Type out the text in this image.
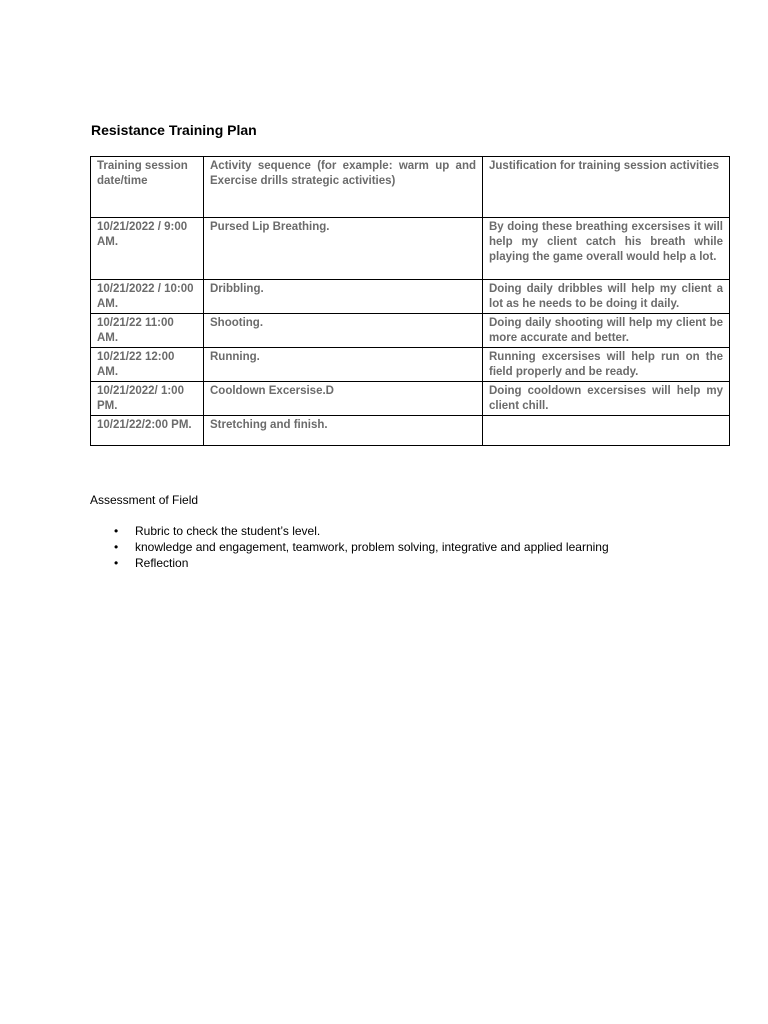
Resistance Training Plan
Training session date/time	Activity sequence (for example: warm up and Exercise drills strategic activities)	Justification for training session activities
10/21/2022 / 9:00 AM.	Pursed Lip Breathing.	By doing these breathing excersises it will help my client catch his breath while playing the game overall would help a lot.
10/21/2022 / 10:00 AM.	Dribbling.	Doing daily dribbles will help my client a lot as he needs to be doing it daily.
10/21/22 11:00 AM.	Shooting.	Doing daily shooting will help my client be more accurate and better.
10/21/22 12:00 AM.	Running.	Running excersises will help run on the field properly and be ready.
10/21/2022/ 1:00 PM.	Cooldown Excersise.D	Doing cooldown excersises will help my client chill.
10/21/22/2:00 PM.	Stretching and finish.	

Assessment of Field

• Rubric to check the student’s level.
• knowledge and engagement, teamwork, problem solving, integrative and applied learning
• Reflection
